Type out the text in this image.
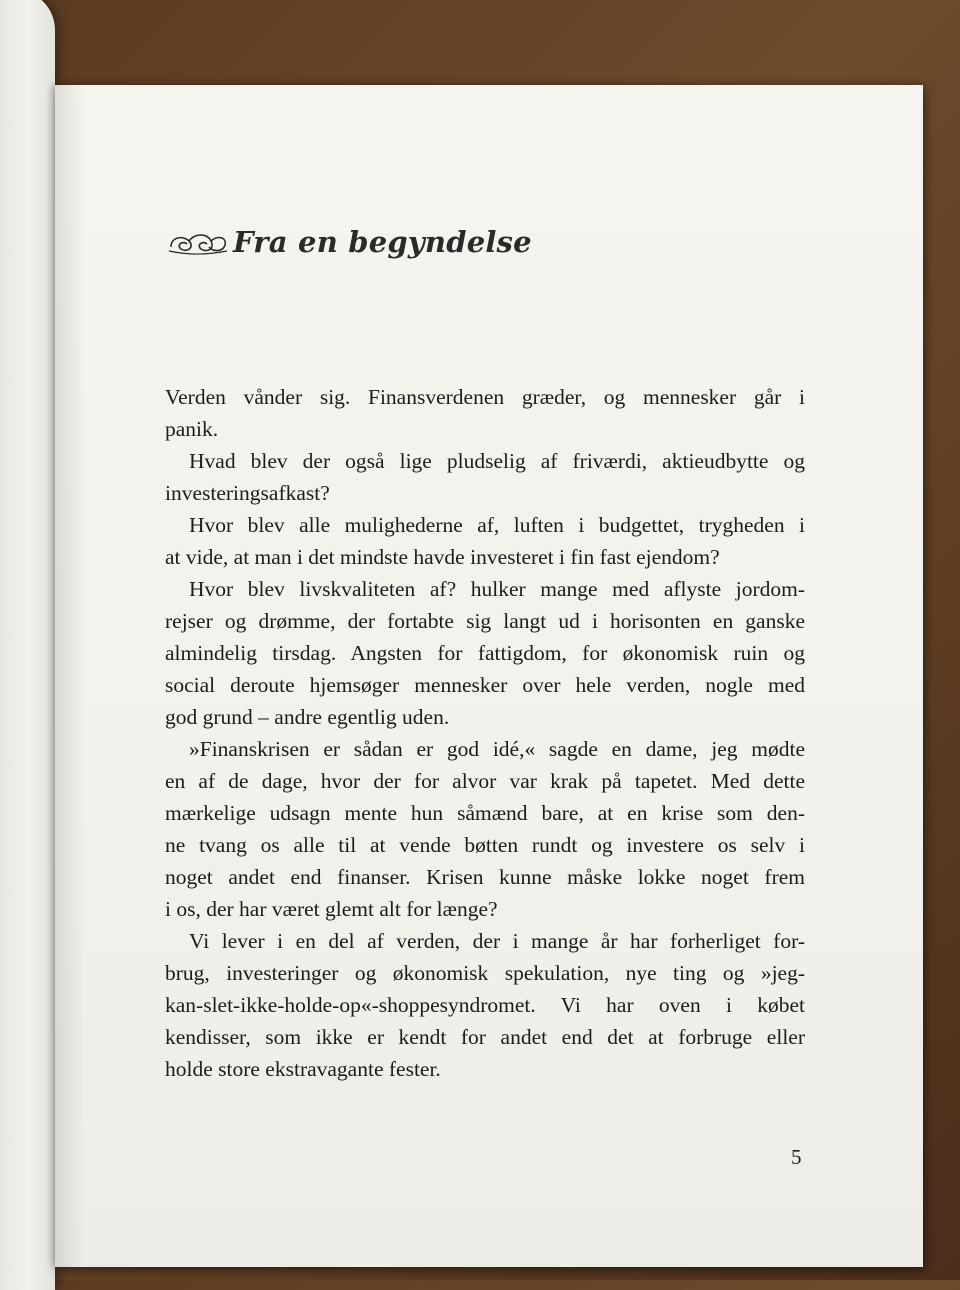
Fra en begyndelse
Verden vånder sig. Finansverdenen græder, og mennesker går i
panik.
Hvad blev der også lige pludselig af friværdi, aktieudbytte og
investeringsafkast?
Hvor blev alle mulighederne af, luften i budgettet, trygheden i
at vide, at man i det mindste havde investeret i fin fast ejendom?
Hvor blev livskvaliteten af? hulker mange med aflyste jordom-
rejser og drømme, der fortabte sig langt ud i horisonten en ganske
almindelig tirsdag. Angsten for fattigdom, for økonomisk ruin og
social deroute hjemsøger mennesker over hele verden, nogle med
god grund – andre egentlig uden.
»Finanskrisen er sådan er god idé,« sagde en dame, jeg mødte
en af de dage, hvor der for alvor var krak på tapetet. Med dette
mærkelige udsagn mente hun såmænd bare, at en krise som den-
ne tvang os alle til at vende bøtten rundt og investere os selv i
noget andet end finanser. Krisen kunne måske lokke noget frem
i os, der har været glemt alt for længe?
Vi lever i en del af verden, der i mange år har forherliget for-
brug, investeringer og økonomisk spekulation, nye ting og »jeg-
kan-slet-ikke-holde-op«-shoppesyndromet. Vi har oven i købet
kendisser, som ikke er kendt for andet end det at forbruge eller
holde store ekstravagante fester.
5
